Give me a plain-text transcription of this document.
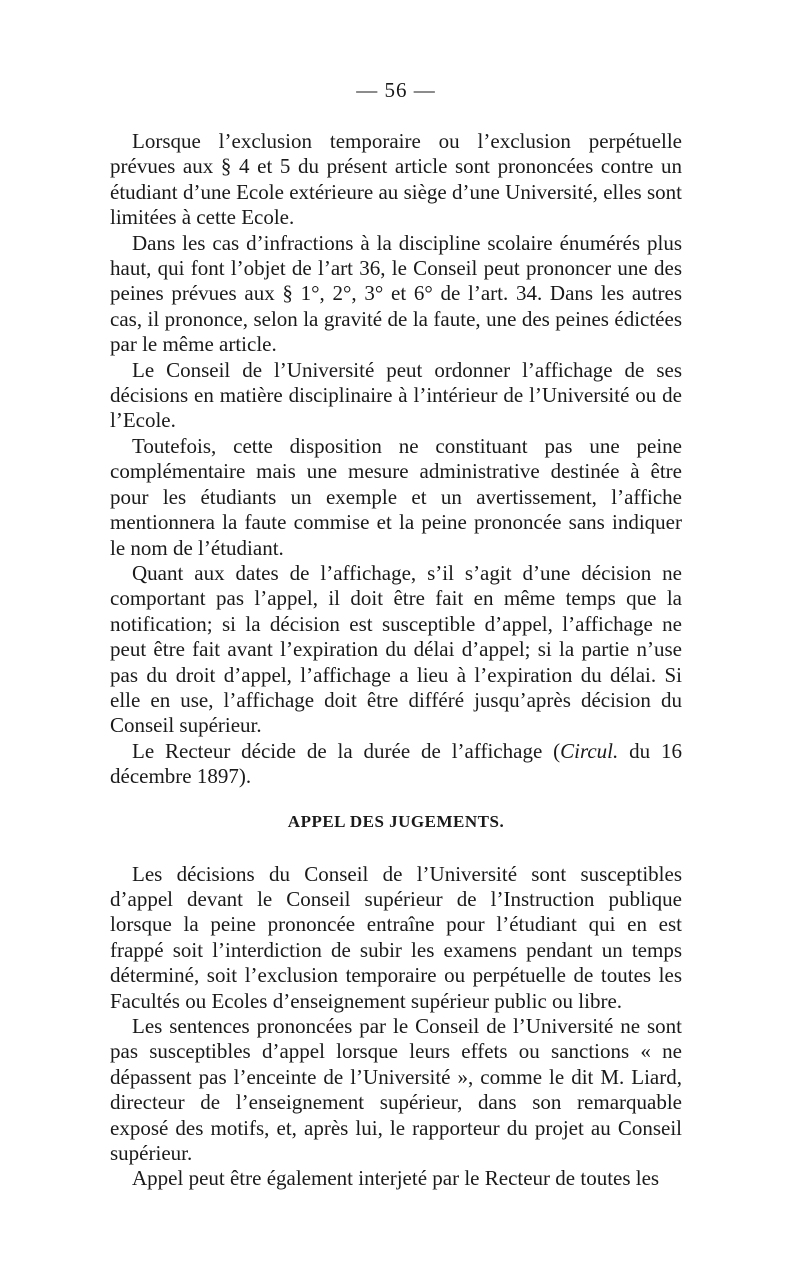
— 56 —

Lorsque l’exclusion temporaire ou l’exclusion perpétuelle prévues aux § 4 et 5 du présent article sont prononcées contre un étudiant d’une Ecole extérieure au siège d’une Université, elles sont limitées à cette Ecole.

Dans les cas d’infractions à la discipline scolaire énumérés plus haut, qui font l’objet de l’art 36, le Conseil peut prononcer une des peines prévues aux § 1°, 2°, 3° et 6° de l’art. 34. Dans les autres cas, il prononce, selon la gravité de la faute, une des peines édictées par le même article.

Le Conseil de l’Université peut ordonner l’affichage de ses décisions en matière disciplinaire à l’intérieur de l’Université ou de l’Ecole.

Toutefois, cette disposition ne constituant pas une peine complémentaire mais une mesure administrative destinée à être pour les étudiants un exemple et un avertissement, l’affiche mentionnera la faute commise et la peine prononcée sans indiquer le nom de l’étudiant.

Quant aux dates de l’affichage, s’il s’agit d’une décision ne comportant pas l’appel, il doit être fait en même temps que la notification; si la décision est susceptible d’appel, l’affichage ne peut être fait avant l’expiration du délai d’appel; si la partie n’use pas du droit d’appel, l’affichage a lieu à l’expiration du délai. Si elle en use, l’affichage doit être différé jusqu’après décision du Conseil supérieur.

Le Recteur décide de la durée de l’affichage (Circul. du 16 décembre 1897).

APPEL DES JUGEMENTS.

Les décisions du Conseil de l’Université sont susceptibles d’appel devant le Conseil supérieur de l’Instruction publique lorsque la peine prononcée entraîne pour l’étudiant qui en est frappé soit l’interdiction de subir les examens pendant un temps déterminé, soit l’exclusion temporaire ou perpétuelle de toutes les Facultés ou Ecoles d’enseignement supérieur public ou libre.

Les sentences prononcées par le Conseil de l’Université ne sont pas susceptibles d’appel lorsque leurs effets ou sanctions « ne dépassent pas l’enceinte de l’Université », comme le dit M. Liard, directeur de l’enseignement supérieur, dans son remarquable exposé des motifs, et, après lui, le rapporteur du projet au Conseil supérieur.

Appel peut être également interjeté par le Recteur de toutes les
